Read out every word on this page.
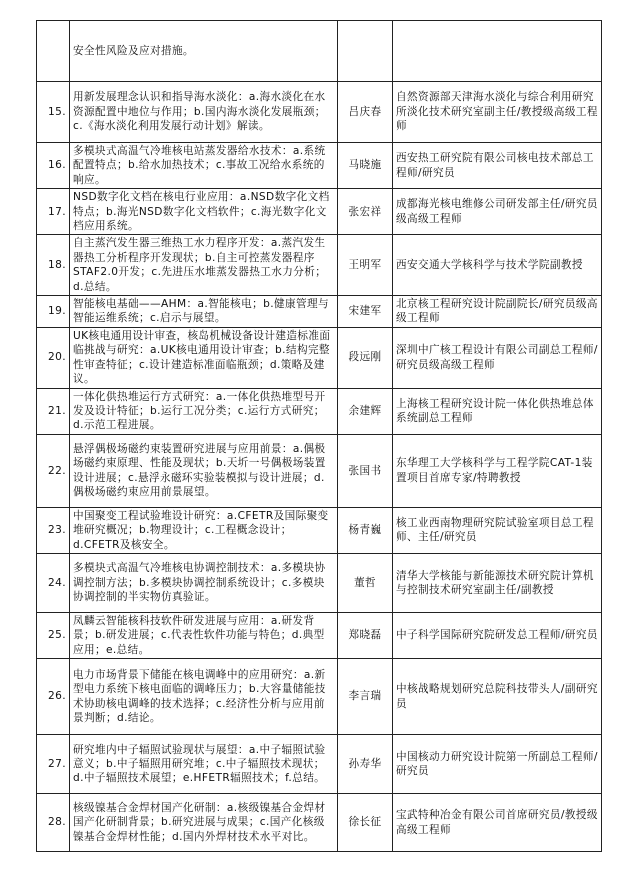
	安全性风险及应对措施。		
15.	用新发展理念认识和指导海水淡化：a.海水淡化在水资源配置中地位与作用；b.国内海水淡化发展瓶颈；c.《海水淡化利用发展行动计划》解读。	吕庆春	自然资源部天津海水淡化与综合利用研究所淡化技术研究室副主任/教授级高级工程师
16.	多模块式高温气冷堆核电站蒸发器给水技术：a.系统配置特点；b.给水加热技术；c.事故工况给水系统的响应。	马晓施	西安热工研究院有限公司核电技术部总工程师/研究员
17.	NSD数字化文档在核电行业应用：a.NSD数字化文档特点；b.海光NSD数字化文档软件；c.海光数字化文档应用系统。	张宏祥	成都海光核电维修公司研发部主任/研究员级高级工程师
18.	自主蒸汽发生器三维热工水力程序开发：a.蒸汽发生器热工分析程序开发现状；b.自主可控蒸发器程序STAF2.0开发；c.先进压水堆蒸发器热工水力分析；d.总结。	王明军	西安交通大学核科学与技术学院副教授
19.	智能核电基础——AHM：a.智能核电；b.健康管理与智能运维系统；c.启示与展望。	宋建军	北京核工程研究设计院副院长/研究员级高级工程师
20.	UK核电通用设计审查，核岛机械设备设计建造标准面临挑战与研究：a.UK核电通用设计审查；b.结构完整性审查特征；c.设计建造标准面临瓶颈；d.策略及建议。	段远刚	深圳中广核工程设计有限公司副总工程师/研究员级高级工程师
21.	一体化供热堆运行方式研究：a.一体化供热堆型号开发及设计特征；b.运行工况分类；c.运行方式研究；d.示范工程进展。	余建辉	上海核工程研究设计院一体化供热堆总体系统副总工程师
22.	悬浮偶极场磁约束装置研究进展与应用前景：a.偶极场磁约束原理、性能及现状；b.天圻一号偶极场装置设计进展；c.悬浮永磁环实验装模拟与设计进展；d.偶极场磁约束应用前景展望。	张国书	东华理工大学核科学与工程学院CAT-1装置项目首席专家/特聘教授
23.	中国聚变工程试验堆设计研究：a.CFETR及国际聚变堆研究概况；b.物理设计；c.工程概念设计；d.CFETR及核安全。	杨青巍	核工业西南物理研究院试验室项目总工程师、主任/研究员
24.	多模块式高温气冷堆核电协调控制技术：a.多模块协调控制方法；b.多模块协调控制系统设计；c.多模块协调控制的半实物仿真验证。	董哲	清华大学核能与新能源技术研究院计算机与控制技术研究室副主任/副教授
25.	凤麟云智能核科技软件研发进展与应用：a.研发背景；b.研发进展；c.代表性软件功能与特色；d.典型应用；e.总结。	郑晓磊	中子科学国际研究院研发总工程师/研究员
26.	电力市场背景下储能在核电调峰中的应用研究：a.新型电力系统下核电面临的调峰压力；b.大容量储能技术协助核电调峰的技术选择；c.经济性分析与应用前景判断；d.结论。	李言瑞	中核战略规划研究总院科技带头人/副研究员
27.	研究堆内中子辐照试验现状与展望：a.中子辐照试验意义；b.中子辐照用研究堆；c.中子辐照技术现状；d.中子辐照技术展望；e.HFETR辐照技术；f.总结。	孙寿华	中国核动力研究设计院第一所副总工程师/研究员
28.	核级镍基合金焊材国产化研制：a.核级镍基合金焊材国产化研制背景；b.研究进展与成果；c.国产化核级镍基合金焊材性能；d.国内外焊材技术水平对比。	徐长征	宝武特种冶金有限公司首席研究员/教授级高级工程师
